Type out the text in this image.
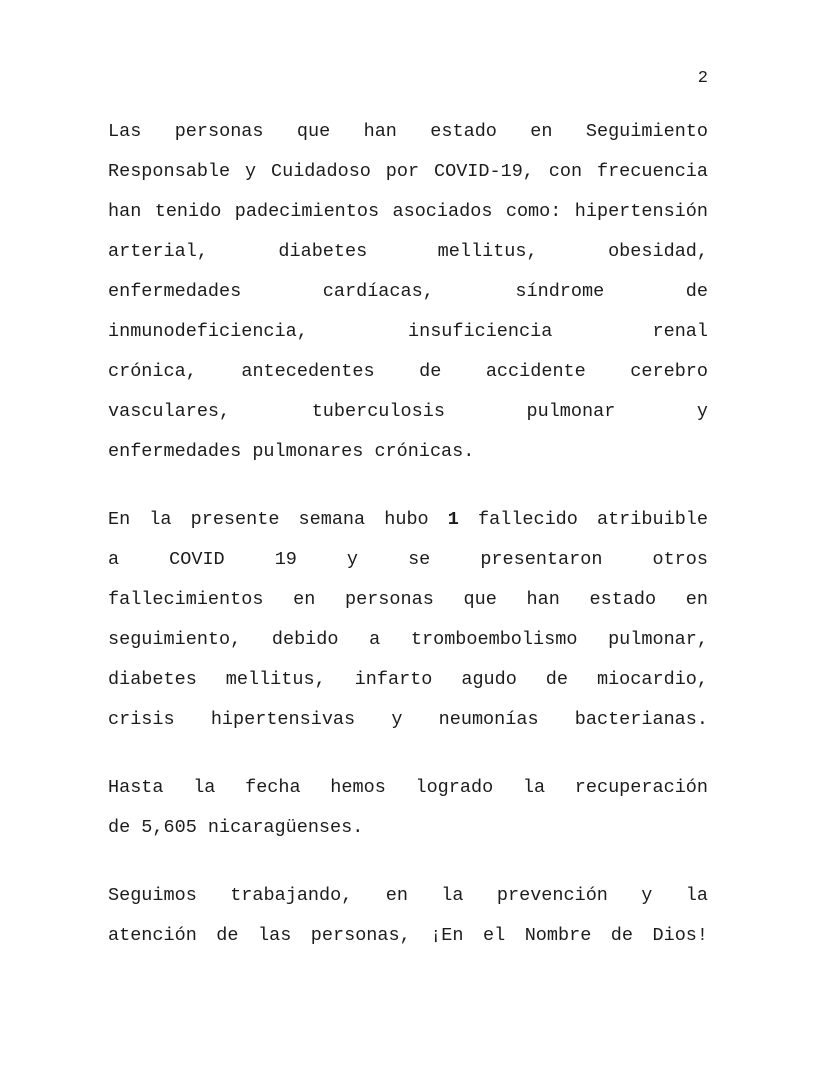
2
Las personas que han estado en Seguimiento
Responsable y Cuidadoso por COVID-19, con frecuencia
han tenido padecimientos asociados como: hipertensión
arterial, diabetes mellitus, obesidad,
enfermedades cardíacas, síndrome de
inmunodeficiencia, insuficiencia renal
crónica, antecedentes de accidente cerebro
vasculares, tuberculosis pulmonar y
enfermedades pulmonares crónicas.
En la presente semana hubo 1 fallecido atribuible
a COVID 19 y se presentaron otros
fallecimientos en personas que han estado en
seguimiento, debido a tromboembolismo pulmonar,
diabetes mellitus, infarto agudo de miocardio,
crisis hipertensivas y neumonías bacterianas.
Hasta la fecha hemos logrado la recuperación
de 5,605 nicaragüenses.
Seguimos trabajando, en la prevención y la
atención de las personas, ¡En el Nombre de Dios!
